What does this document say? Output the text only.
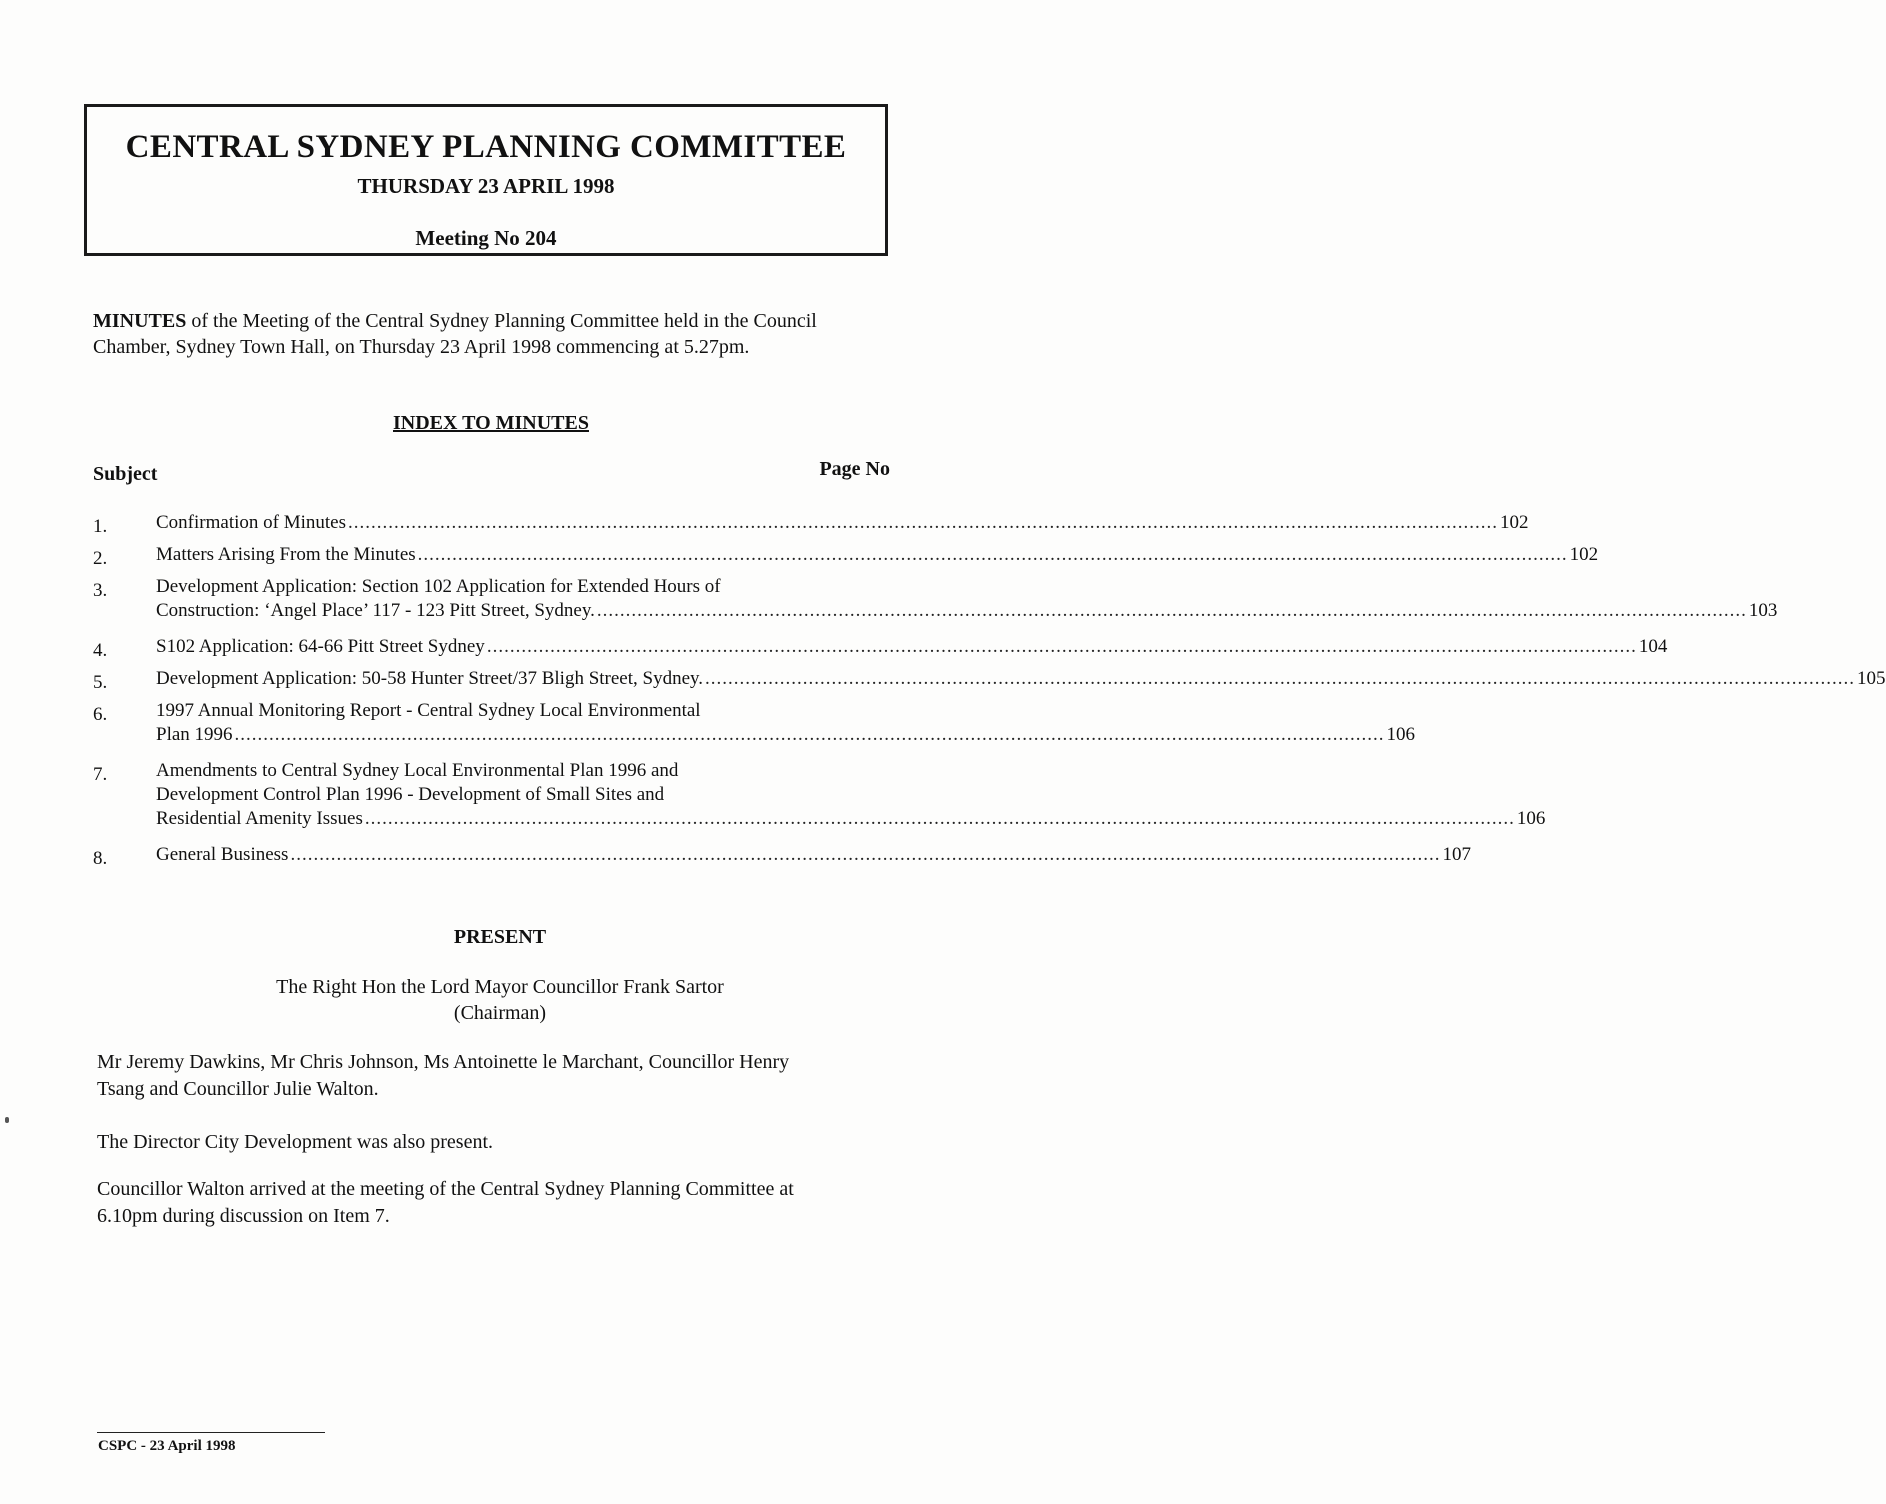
CENTRAL SYDNEY PLANNING COMMITTEE
THURSDAY 23 APRIL 1998
Meeting No 204
MINUTES of the Meeting of the Central Sydney Planning Committee held in the Council
Chamber, Sydney Town Hall, on Thursday 23 April 1998 commencing at 5.27pm.
INDEX TO MINUTES
Subject	Page No
1.	Confirmation of Minutes ........................................................................................................................................................................................................ 102
2.	Matters Arising From the Minutes ........................................................................................................................................................................................................ 102
3.	Development Application: Section 102 Application for Extended Hours of
Construction: ‘Angel Place’ 117 - 123 Pitt Street, Sydney. ........................................................................................................................................................................................................ 103
4.	S102 Application: 64-66 Pitt Street Sydney ........................................................................................................................................................................................................ 104
5.	Development Application: 50-58 Hunter Street/37 Bligh Street, Sydney. ........................................................................................................................................................................................................ 105
6.	1997 Annual Monitoring Report - Central Sydney Local Environmental
Plan 1996 ........................................................................................................................................................................................................ 106
7.	Amendments to Central Sydney Local Environmental Plan 1996 and
Development Control Plan 1996 - Development of Small Sites and
Residential Amenity Issues ........................................................................................................................................................................................................ 106
8.	General Business ........................................................................................................................................................................................................ 107
PRESENT
The Right Hon the Lord Mayor Councillor Frank Sartor
(Chairman)
Mr Jeremy Dawkins, Mr Chris Johnson, Ms Antoinette le Marchant, Councillor Henry
Tsang and Councillor Julie Walton.
The Director City Development was also present.
Councillor Walton arrived at the meeting of the Central Sydney Planning Committee at
6.10pm during discussion on Item 7.
CSPC - 23 April 1998
